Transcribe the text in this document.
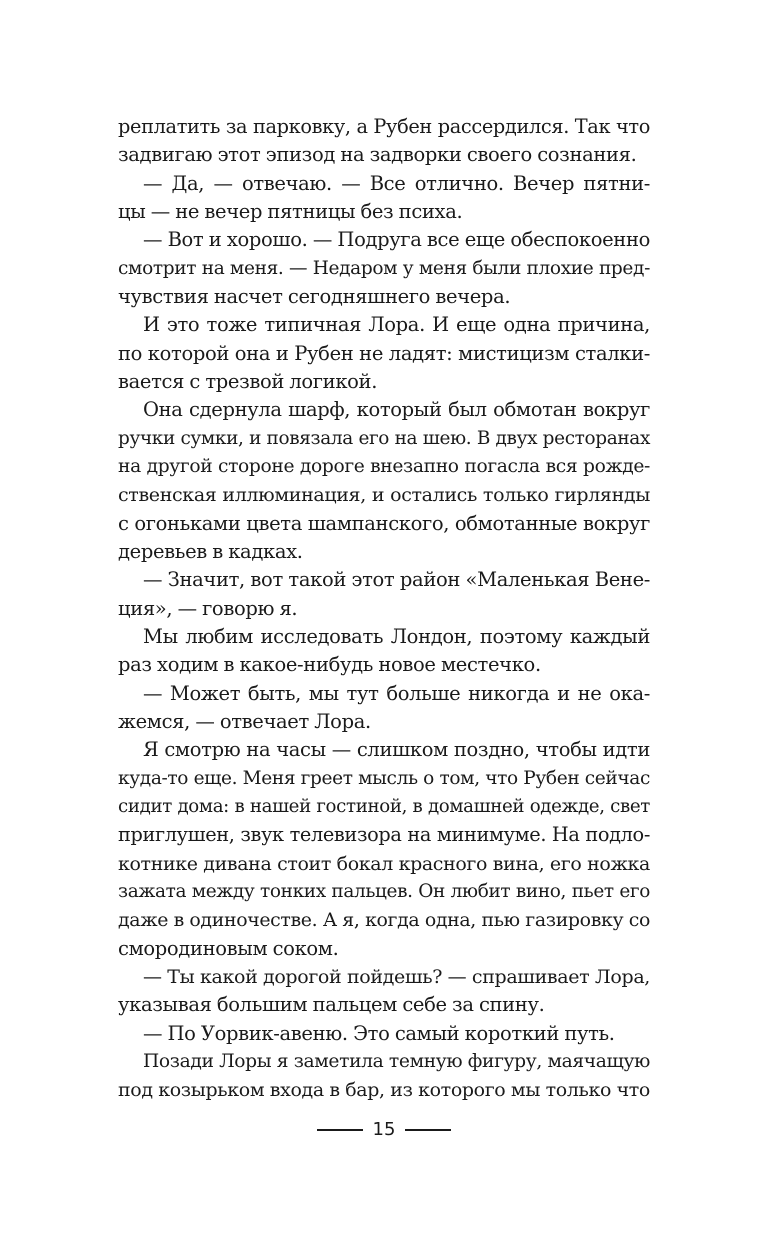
реплатить за парковку, а Рубен рассердился. Так что
задвигаю этот эпизод на задворки своего сознания.
— Да, — отвечаю. — Все отлично. Вечер пятни-
цы — не вечер пятницы без психа.
— Вот и хорошо. — Подруга все еще обеспокоенно
смотрит на меня. — Недаром у меня были плохие пред-
чувствия насчет сегодняшнего вечера.
И это тоже типичная Лора. И еще одна причина,
по которой она и Рубен не ладят: мистицизм сталки-
вается с трезвой логикой.
Она сдернула шарф, который был обмотан вокруг
ручки сумки, и повязала его на шею. В двух ресторанах
на другой стороне дороге внезапно погасла вся рожде-
ственская иллюминация, и остались только гирлянды
с огоньками цвета шампанского, обмотанные вокруг
деревьев в кадках.
— Значит, вот такой этот район «Маленькая Вене-
ция», — говорю я.
Мы любим исследовать Лондон, поэтому каждый
раз ходим в какое-нибудь новое местечко.
— Может быть, мы тут больше никогда и не ока-
жемся, — отвечает Лора.
Я смотрю на часы — слишком поздно, чтобы идти
куда-то еще. Меня греет мысль о том, что Рубен сейчас
сидит дома: в нашей гостиной, в домашней одежде, свет
приглушен, звук телевизора на минимуме. На подло-
котнике дивана стоит бокал красного вина, его ножка
зажата между тонких пальцев. Он любит вино, пьет его
даже в одиночестве. А я, когда одна, пью газировку со
смородиновым соком.
— Ты какой дорогой пойдешь? — спрашивает Лора,
указывая большим пальцем себе за спину.
— По Уорвик-авеню. Это самый короткий путь.
Позади Лоры я заметила темную фигуру, маячащую
под козырьком входа в бар, из которого мы только что
15
